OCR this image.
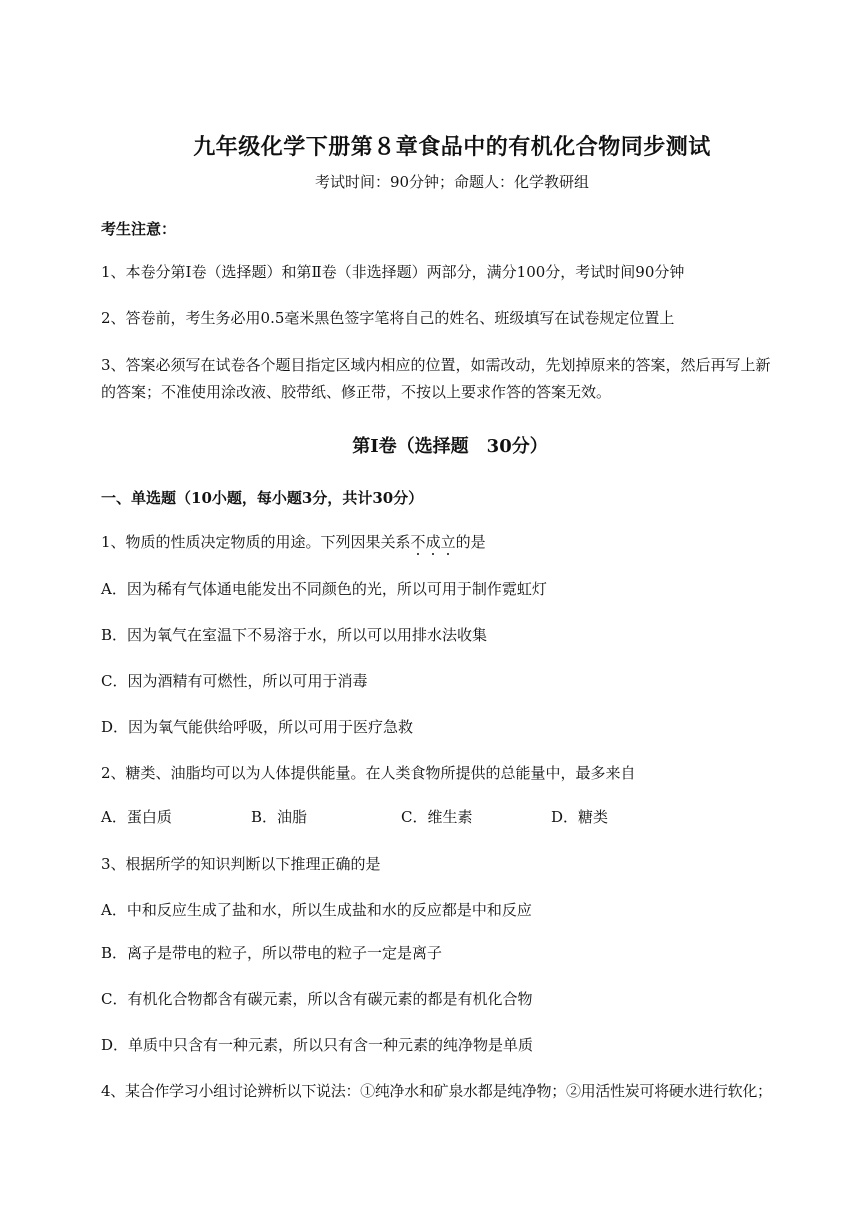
九年级化学下册第８章食品中的有机化合物同步测试
考试时间：90分钟；命题人：化学教研组
考生注意：
1、本卷分第Ⅰ卷（选择题）和第Ⅱ卷（非选择题）两部分，满分100分，考试时间90分钟
2、答卷前，考生务必用0.5毫米黑色签字笔将自己的姓名、班级填写在试卷规定位置上
3、答案必须写在试卷各个题目指定区域内相应的位置，如需改动，先划掉原来的答案，然后再写上新
的答案；不准使用涂改液、胶带纸、修正带，不按以上要求作答的答案无效。
第Ⅰ卷（选择题　30分）
一、单选题（10小题，每小题3分，共计30分）
1、物质的性质决定物质的用途。下列因果关系不成立的是
A．因为稀有气体通电能发出不同颜色的光，所以可用于制作霓虹灯
B．因为氧气在室温下不易溶于水，所以可以用排水法收集
C．因为酒精有可燃性，所以可用于消毒
D．因为氧气能供给呼吸，所以可用于医疗急救
2、糖类、油脂均可以为人体提供能量。在人类食物所提供的总能量中，最多来自
A．蛋白质	B．油脂	C．维生素	D．糖类
3、根据所学的知识判断以下推理正确的是
A．中和反应生成了盐和水，所以生成盐和水的反应都是中和反应
B．离子是带电的粒子，所以带电的粒子一定是离子
C．有机化合物都含有碳元素，所以含有碳元素的都是有机化合物
D．单质中只含有一种元素，所以只有含一种元素的纯净物是单质
4、某合作学习小组讨论辨析以下说法：①纯净水和矿泉水都是纯净物；②用活性炭可将硬水进行软化；
